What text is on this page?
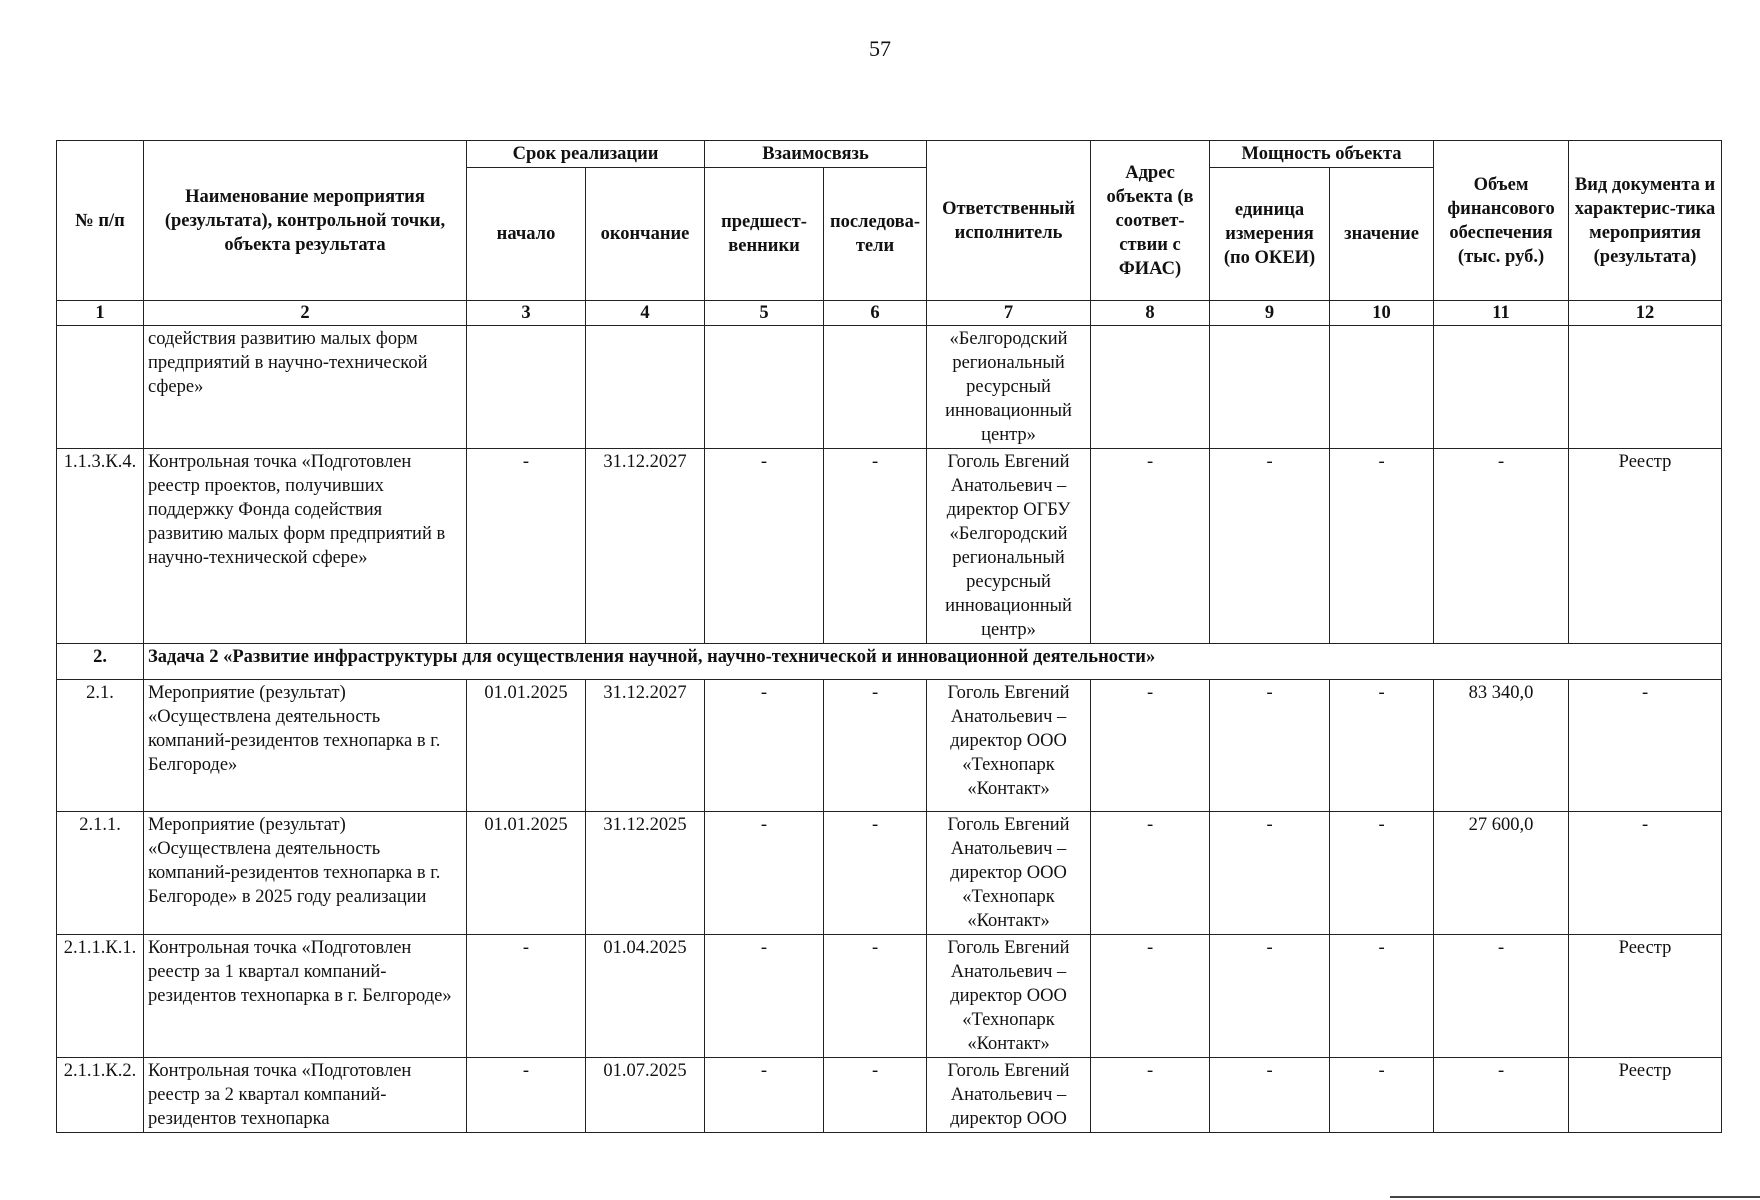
57
№ п/п	Наименование мероприятия (результата), контрольной точки, объекта результата	Срок реализации		Взаимосвязь		Ответственный исполнитель	Адрес объекта (в соответ-ствии с ФИАС)	Мощность объекта		Объем финансового обеспечения (тыс. руб.)	Вид документа и характерис-тика мероприятия (результата)
		начало	окончание	предшест-венники	последова-тели			единица измерения (по ОКЕИ)	значение		
1	2	3	4	5	6	7	8	9	10	11	12
	содействия развитию малых форм предприятий в научно-технической сфере»					«Белгородский региональный ресурсный инновационный центр»					
1.1.3.К.4.	Контрольная точка «Подготовлен реестр проектов, получивших поддержку Фонда содействия развитию малых форм предприятий в научно-технической сфере»	-	31.12.2027	-	-	Гоголь Евгений Анатольевич – директор ОГБУ «Белгородский региональный ресурсный инновационный центр»	-	-	-	-	Реестр
2.	Задача 2 «Развитие инфраструктуры для осуществления научной, научно-технической и инновационной деятельности»										
2.1.	Мероприятие (результат) «Осуществлена деятельность компаний-резидентов технопарка в г. Белгороде»	01.01.2025	31.12.2027	-	-	Гоголь Евгений Анатольевич – директор ООО «Технопарк «Контакт»	-	-	-	83 340,0	-
2.1.1.	Мероприятие (результат) «Осуществлена деятельность компаний-резидентов технопарка в г. Белгороде» в 2025 году реализации	01.01.2025	31.12.2025	-	-	Гоголь Евгений Анатольевич – директор ООО «Технопарк «Контакт»	-	-	-	27 600,0	-
2.1.1.К.1.	Контрольная точка «Подготовлен реестр за 1 квартал компаний-резидентов технопарка в г. Белгороде»	-	01.04.2025	-	-	Гоголь Евгений Анатольевич – директор ООО «Технопарк «Контакт»	-	-	-	-	Реестр
2.1.1.К.2.	Контрольная точка «Подготовлен реестр за 2 квартал компаний-резидентов технопарка	-	01.07.2025	-	-	Гоголь Евгений Анатольевич – директор ООО	-	-	-	-	Реестр
